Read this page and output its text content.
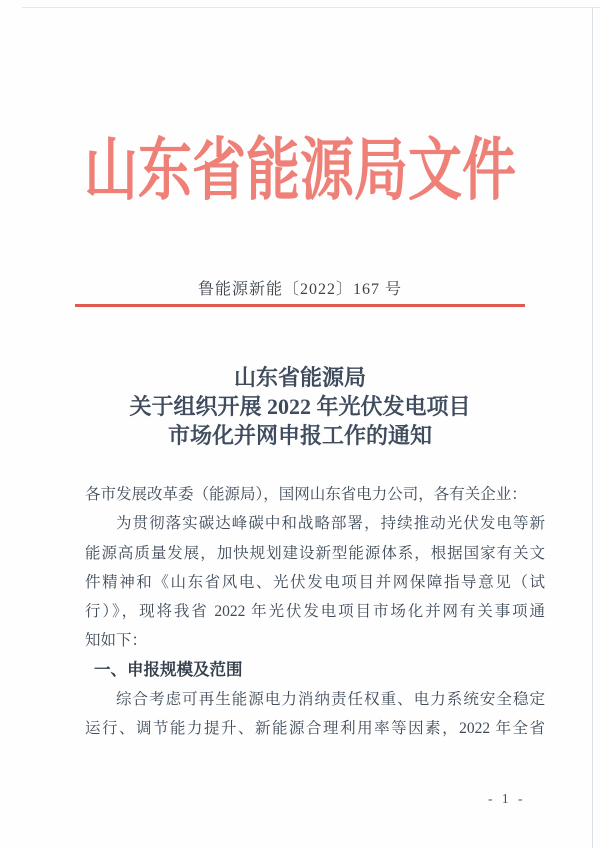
山东省能源局文件
鲁能源新能〔2022〕167 号
山东省能源局
关于组织开展 2022 年光伏发电项目
市场化并网申报工作的通知
各市发展改革委（能源局），国网山东省电力公司，各有关企业：
为贯彻落实碳达峰碳中和战略部署，持续推动光伏发电等新
能源高质量发展，加快规划建设新型能源体系，根据国家有关文
件精神和《山东省风电、光伏发电项目并网保障指导意见（试
行）》，现将我省 2022 年光伏发电项目市场化并网有关事项通
知如下：
一、申报规模及范围
综合考虑可再生能源电力消纳责任权重、电力系统安全稳定
运行、调节能力提升、新能源合理利用率等因素，2022 年全省
- 1 -
